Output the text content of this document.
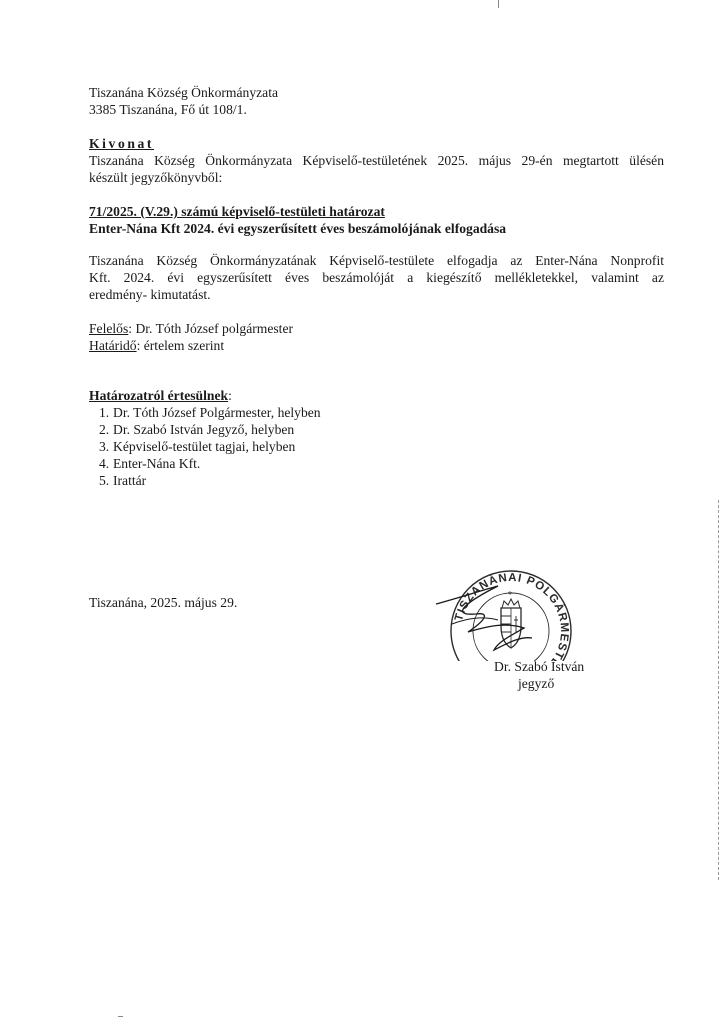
Tiszanána Község Önkormányzata
3385 Tiszanána, Fő út 108/1.
Kivonat
Tiszanána Község Önkormányzata Képviselő-testületének 2025. május 29-én megtartott ülésén
készült jegyzőkönyvből:
71/2025. (V.29.) számú képviselő-testületi határozat
Enter-Nána Kft 2024. évi egyszerűsített éves beszámolójának elfogadása
Tiszanána Község Önkormányzatának Képviselő-testülete elfogadja az Enter-Nána Nonprofit
Kft. 2024. évi egyszerűsített éves beszámolóját a kiegészítő mellékletekkel, valamint az
eredmény- kimutatást.
Felelős: Dr. Tóth József polgármester
Határidő: értelem szerint
Határozatról értesülnek:
1. Dr. Tóth József Polgármester, helyben
2. Dr. Szabó István Jegyző, helyben
3. Képviselő-testület tagjai, helyben
4. Enter-Nána Kft.
5. Irattár
Tiszanána, 2025. május 29.
TISZANÁNAI POLGÁRMEST
*
Dr. Szabó István
jegyző
